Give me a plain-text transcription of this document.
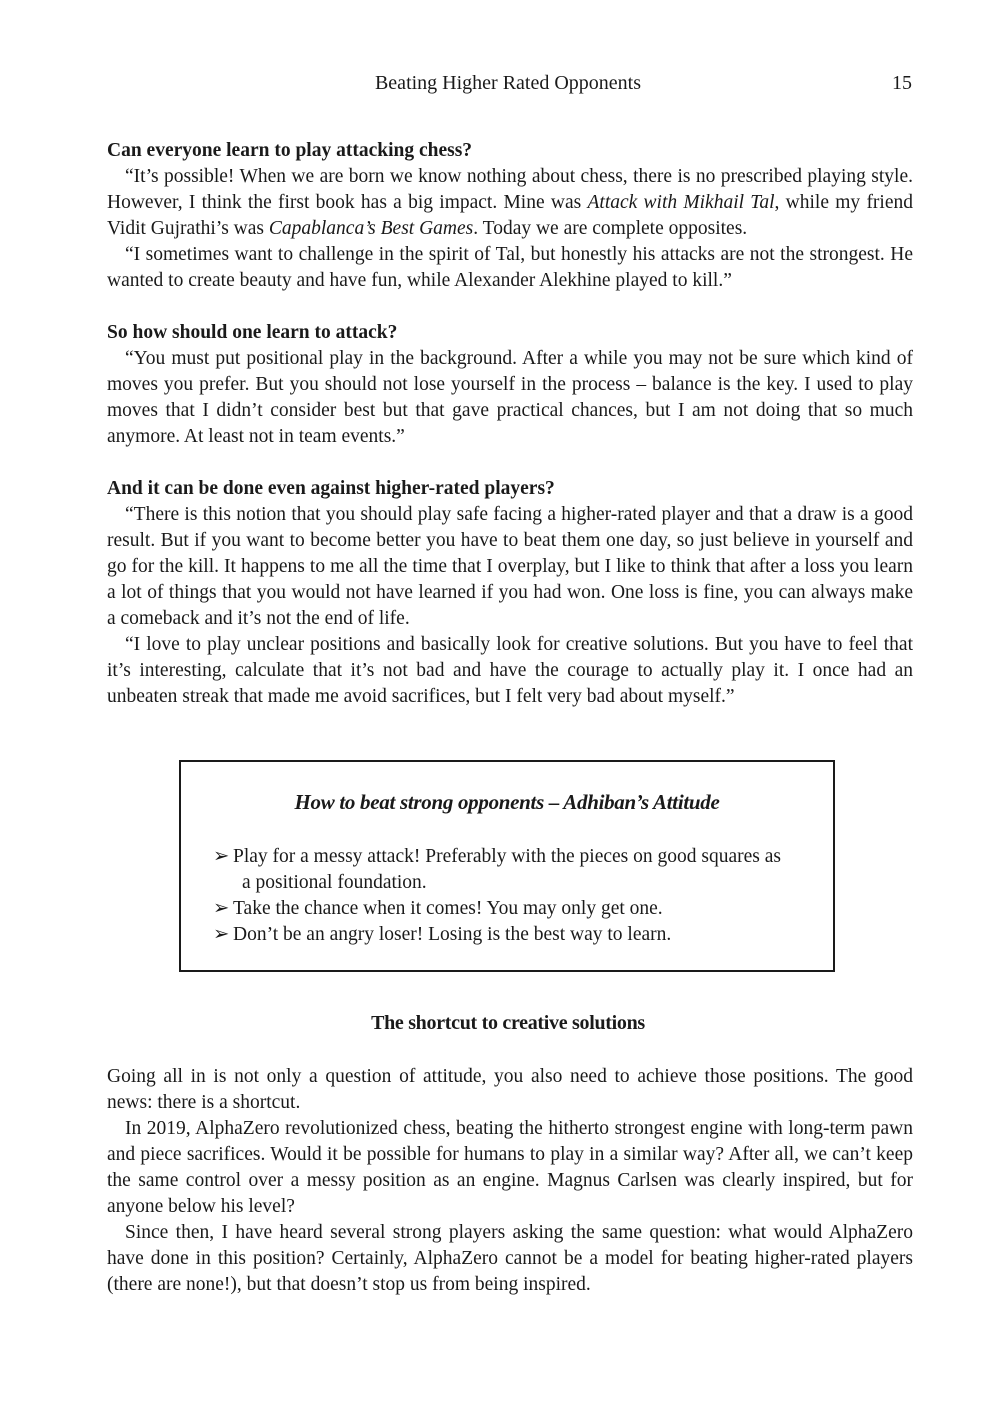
Beating Higher Rated Opponents	15

Can everyone learn to play attacking chess?

“It’s possible! When we are born we know nothing about chess, there is no prescribed playing style. However, I think the first book has a big impact. Mine was Attack with Mikhail Tal, while my friend Vidit Gujrathi’s was Capablanca’s Best Games. Today we are complete opposites.

“I sometimes want to challenge in the spirit of Tal, but honestly his attacks are not the strongest. He wanted to create beauty and have fun, while Alexander Alekhine played to kill.”

So how should one learn to attack?

“You must put positional play in the background. After a while you may not be sure which kind of moves you prefer. But you should not lose yourself in the process – balance is the key. I used to play moves that I didn’t consider best but that gave practical chances, but I am not doing that so much anymore. At least not in team events.”

And it can be done even against higher-rated players?

“There is this notion that you should play safe facing a higher-rated player and that a draw is a good result. But if you want to become better you have to beat them one day, so just believe in yourself and go for the kill. It happens to me all the time that I overplay, but I like to think that after a loss you learn a lot of things that you would not have learned if you had won. One loss is fine, you can always make a comeback and it’s not the end of life.

“I love to play unclear positions and basically look for creative solutions. But you have to feel that it’s interesting, calculate that it’s not bad and have the courage to actually play it. I once had an unbeaten streak that made me avoid sacrifices, but I felt very bad about myself.”

How to beat strong opponents – Adhiban’s Attitude
➢ Play for a messy attack! Preferably with the pieces on good squares as
a positional foundation.
➢ Take the chance when it comes! You may only get one.
➢ Don’t be an angry loser! Losing is the best way to learn.
The shortcut to creative solutions

Going all in is not only a question of attitude, you also need to achieve those positions. The good news: there is a shortcut.

In 2019, AlphaZero revolutionized chess, beating the hitherto strongest engine with long-term pawn and piece sacrifices. Would it be possible for humans to play in a similar way? After all, we can’t keep the same control over a messy position as an engine. Magnus Carlsen was clearly inspired, but for anyone below his level?

Since then, I have heard several strong players asking the same question: what would AlphaZero have done in this position? Certainly, AlphaZero cannot be a model for beating higher-rated players (there are none!), but that doesn’t stop us from being inspired.
